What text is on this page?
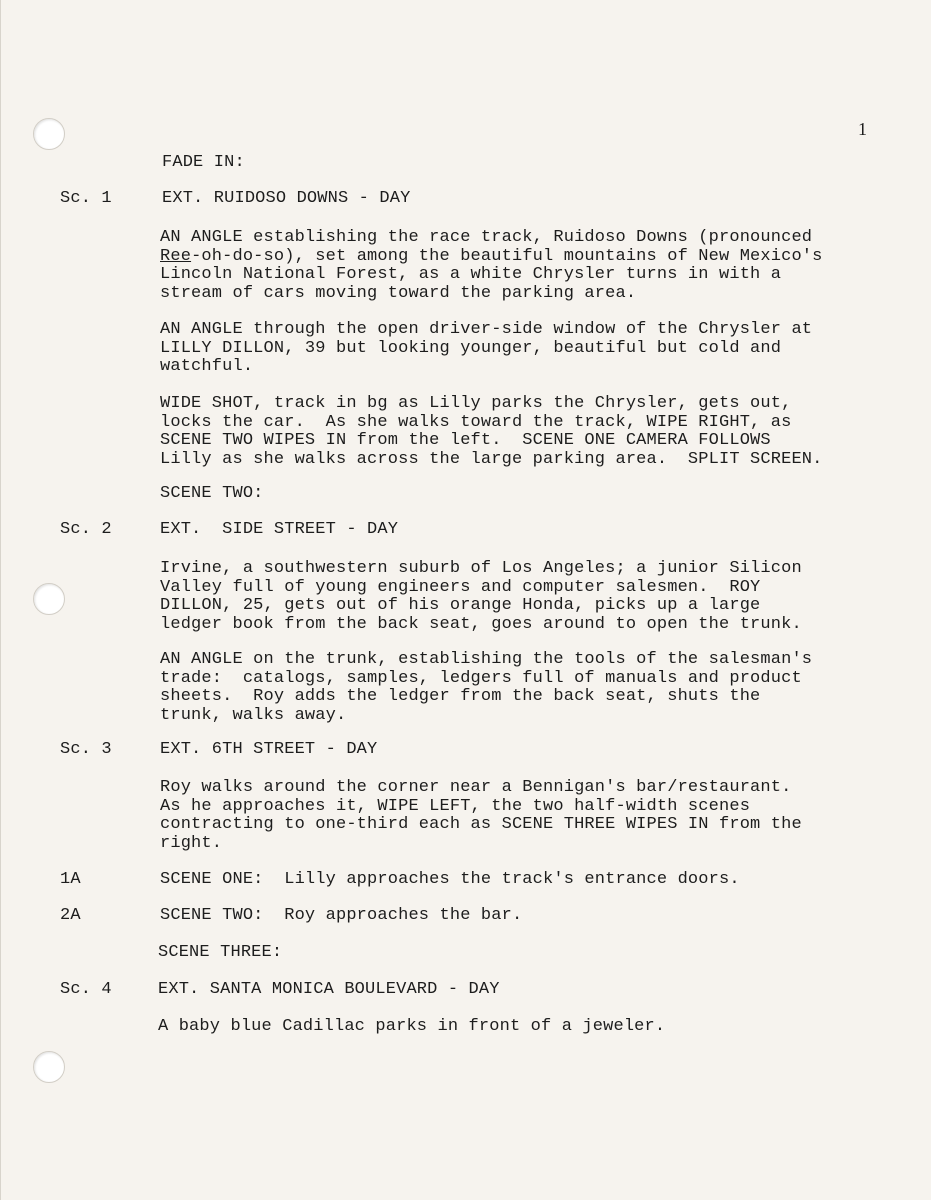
1
FADE IN:
Sc. 1	EXT. RUIDOSO DOWNS - DAY
AN ANGLE establishing the race track, Ruidoso Downs (pronounced
Ree-oh-do-so), set among the beautiful mountains of New Mexico's
Lincoln National Forest, as a white Chrysler turns in with a
stream of cars moving toward the parking area.
AN ANGLE through the open driver-side window of the Chrysler at
LILLY DILLON, 39 but looking younger, beautiful but cold and
watchful.
WIDE SHOT, track in bg as Lilly parks the Chrysler, gets out,
locks the car.  As she walks toward the track, WIPE RIGHT, as
SCENE TWO WIPES IN from the left.  SCENE ONE CAMERA FOLLOWS
Lilly as she walks across the large parking area.  SPLIT SCREEN.
SCENE TWO:
Sc. 2	EXT.  SIDE STREET - DAY
Irvine, a southwestern suburb of Los Angeles; a junior Silicon
Valley full of young engineers and computer salesmen.  ROY
DILLON, 25, gets out of his orange Honda, picks up a large
ledger book from the back seat, goes around to open the trunk.
AN ANGLE on the trunk, establishing the tools of the salesman's
trade:  catalogs, samples, ledgers full of manuals and product
sheets.  Roy adds the ledger from the back seat, shuts the
trunk, walks away.
Sc. 3	EXT. 6TH STREET - DAY
Roy walks around the corner near a Bennigan's bar/restaurant.
As he approaches it, WIPE LEFT, the two half-width scenes
contracting to one-third each as SCENE THREE WIPES IN from the
right.
1A	SCENE ONE:  Lilly approaches the track's entrance doors.
2A	SCENE TWO:  Roy approaches the bar.
SCENE THREE:
Sc. 4	EXT. SANTA MONICA BOULEVARD - DAY
A baby blue Cadillac parks in front of a jeweler.
